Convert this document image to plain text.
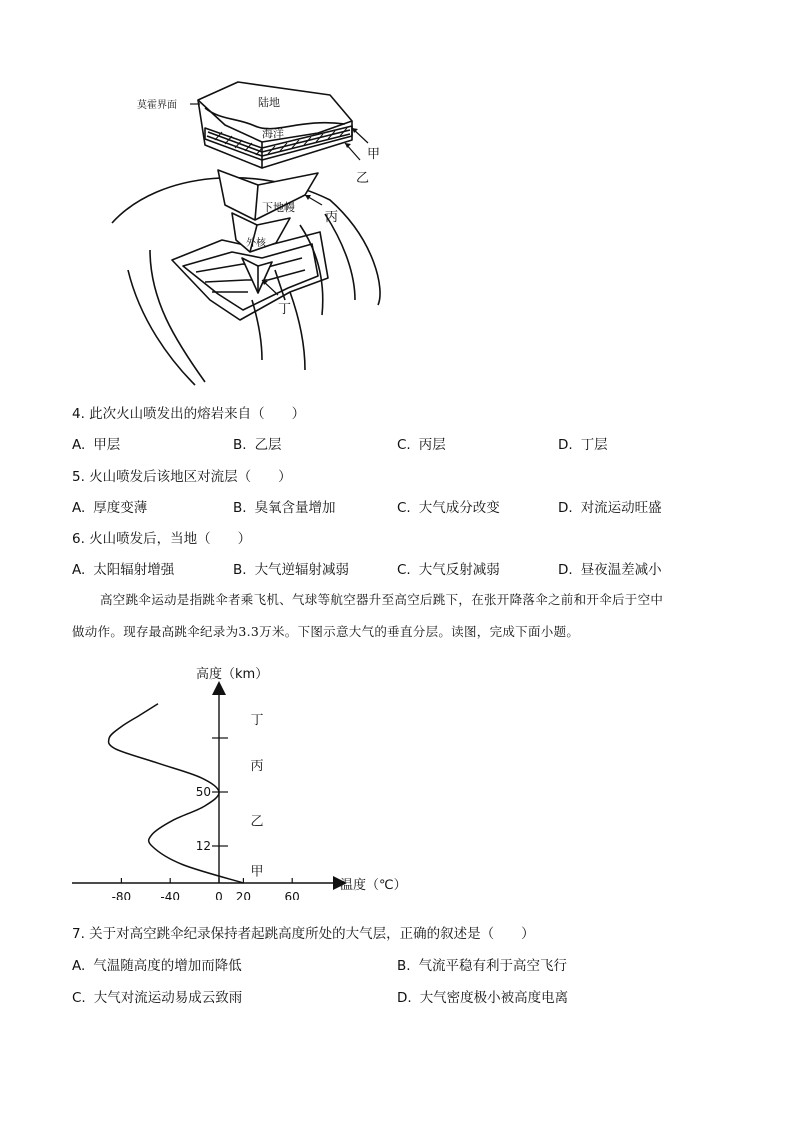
莫霍界面	陆地
海洋
甲
乙
下地幔
丙
外核
丁
4. 此次火山喷发出的熔岩来自（　　）
A. 甲层	B. 乙层	C. 丙层	D. 丁层
5. 火山喷发后该地区对流层（　　）
A. 厚度变薄	B. 臭氧含量增加	C. 大气成分改变	D. 对流运动旺盛
6. 火山喷发后，当地（　　）
A. 太阳辐射增强	B. 大气逆辐射减弱	C. 大气反射减弱	D. 昼夜温差减小
高空跳伞运动是指跳伞者乘飞机、气球等航空器升至高空后跳下，在张开降落伞之前和开伞后于空中
做动作。现存最高跳伞纪录为3.3万米。下图示意大气的垂直分层。读图，完成下面小题。
-80 -40	0 20	60
12
50
丁
丙
乙
甲
高度（km）
温度（℃）
7. 关于对高空跳伞纪录保持者起跳高度所处的大气层，正确的叙述是（　　）
A. 气温随高度的增加而降低	B. 气流平稳有利于高空飞行
C. 大气对流运动易成云致雨	D. 大气密度极小被高度电离
